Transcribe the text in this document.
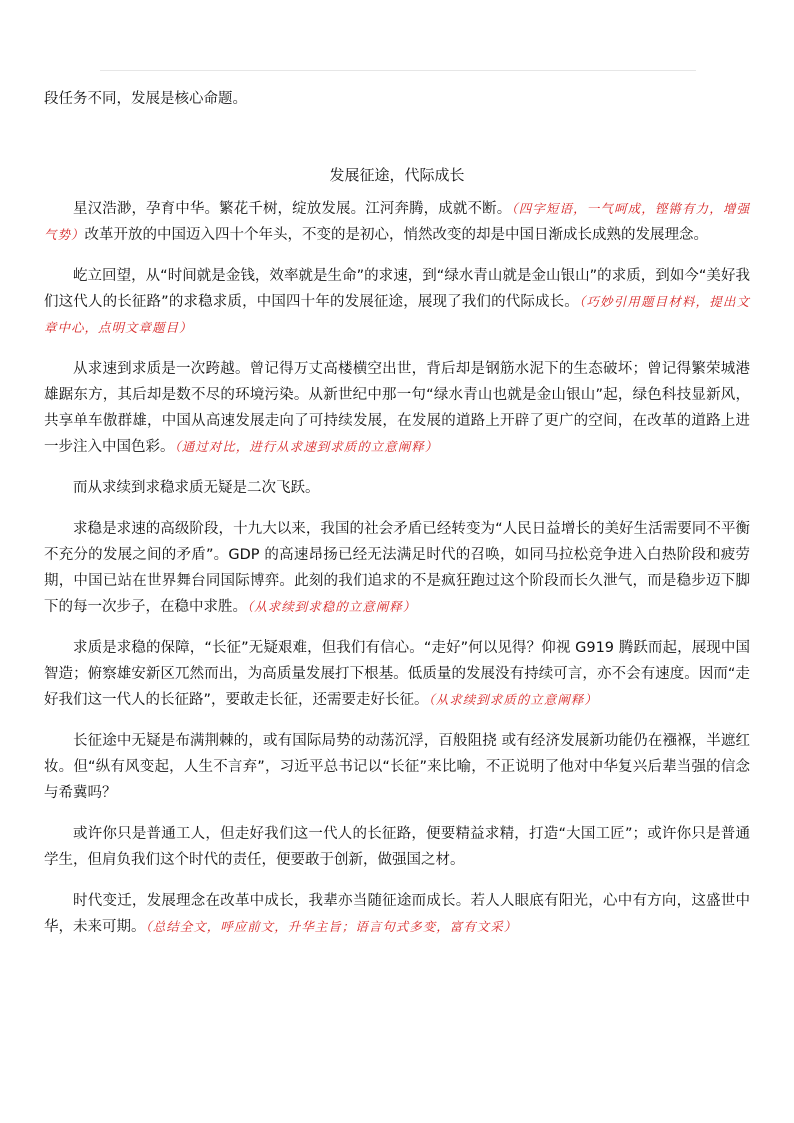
段任务不同，发展是核心命题。

发展征途，代际成长

星汉浩渺，孕育中华。繁花千树，绽放发展。江河奔腾，成就不断。（四字短语，一气呵成，铿锵有力，增强气势）改革开放的中国迈入四十个年头，不变的是初心，悄然改变的却是中国日渐成长成熟的发展理念。

屹立回望，从“时间就是金钱，效率就是生命”的求速，到“绿水青山就是金山银山”的求质，到如今“美好我们这代人的长征路”的求稳求质，中国四十年的发展征途，展现了我们的代际成长。（巧妙引用题目材料，提出文章中心，点明文章题目）

从求速到求质是一次跨越。曾记得万丈高楼横空出世，背后却是钢筋水泥下的生态破坏；曾记得繁荣城港雄踞东方，其后却是数不尽的环境污染。从新世纪中那一句“绿水青山也就是金山银山”起，绿色科技显新风，共享单车傲群雄，中国从高速发展走向了可持续发展，在发展的道路上开辟了更广的空间，在改革的道路上进一步注入中国色彩。（通过对比，进行从求速到求质的立意阐释）

而从求续到求稳求质无疑是二次飞跃。

求稳是求速的高级阶段，十九大以来，我国的社会矛盾已经转变为“人民日益增长的美好生活需要同不平衡不充分的发展之间的矛盾”。GDP 的高速昂扬已经无法满足时代的召唤，如同马拉松竞争进入白热阶段和疲劳期，中国已站在世界舞台同国际博弈。此刻的我们追求的不是疯狂跑过这个阶段而长久泄气，而是稳步迈下脚下的每一次步子，在稳中求胜。（从求续到求稳的立意阐释）

求质是求稳的保障，“长征”无疑艰难，但我们有信心。“走好”何以见得？仰视 G919 腾跃而起，展现中国智造；俯察雄安新区兀然而出，为高质量发展打下根基。低质量的发展没有持续可言，亦不会有速度。因而“走好我们这一代人的长征路”，要敢走长征，还需要走好长征。（从求续到求质的立意阐释）

长征途中无疑是布满荆棘的，或有国际局势的动荡沉浮，百般阻挠 或有经济发展新功能仍在襁褓，半遮红妆。但“纵有风变起，人生不言弃”，习近平总书记以“长征”来比喻，不正说明了他对中华复兴后辈当强的信念与希冀吗？

或许你只是普通工人，但走好我们这一代人的长征路，便要精益求精，打造“大国工匠”；或许你只是普通学生，但肩负我们这个时代的责任，便要敢于创新，做强国之材。

时代变迁，发展理念在改革中成长，我辈亦当随征途而成长。若人人眼底有阳光，心中有方向，这盛世中华，未来可期。（总结全文，呼应前文，升华主旨；语言句式多变，富有文采）
